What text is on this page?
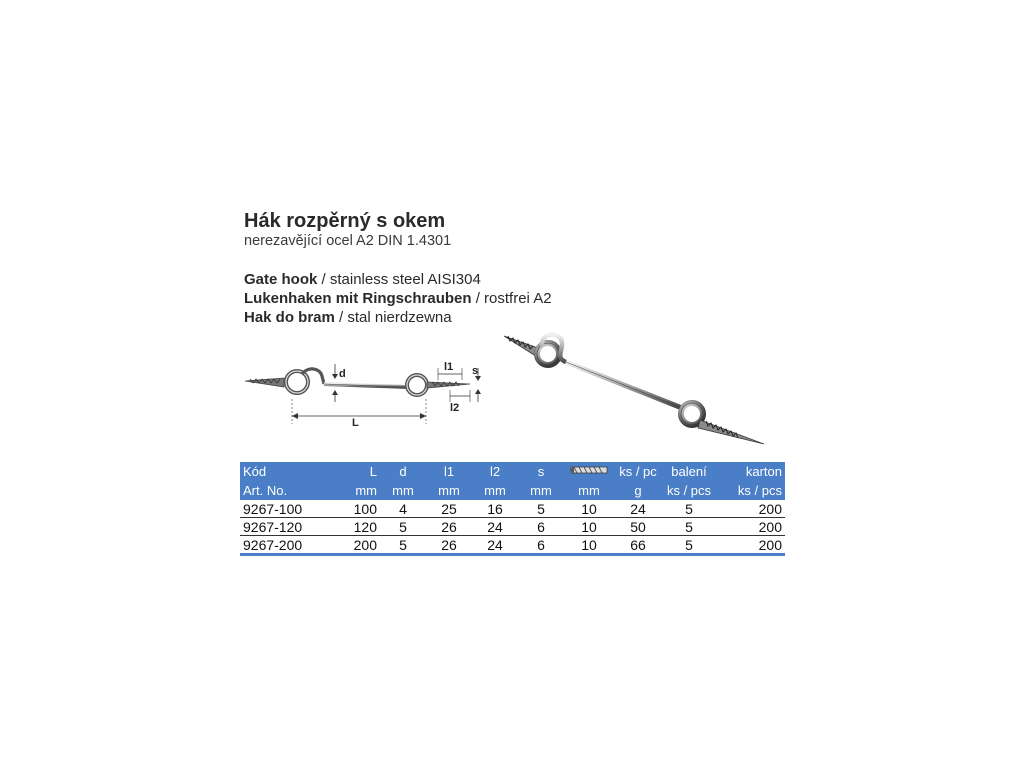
Hák rozpěrný s okem
nerezavějící ocel A2 DIN 1.4301
Gate hook / stainless steel AISI304
Lukenhaken mit Ringschrauben / rostfrei A2
Hak do bram / stal nierdzewna
d
L
l1
l2
s
Kód	L	d	l1	l2	s		ks / pc	balení	karton
Art. No.	mm	mm	mm	mm	mm	mm	g	ks / pcs	ks / pcs
9267-100	100	4	25	16	5	10	24	5	200
9267-120	120	5	26	24	6	10	50	5	200
9267-200	200	5	26	24	6	10	66	5	200
